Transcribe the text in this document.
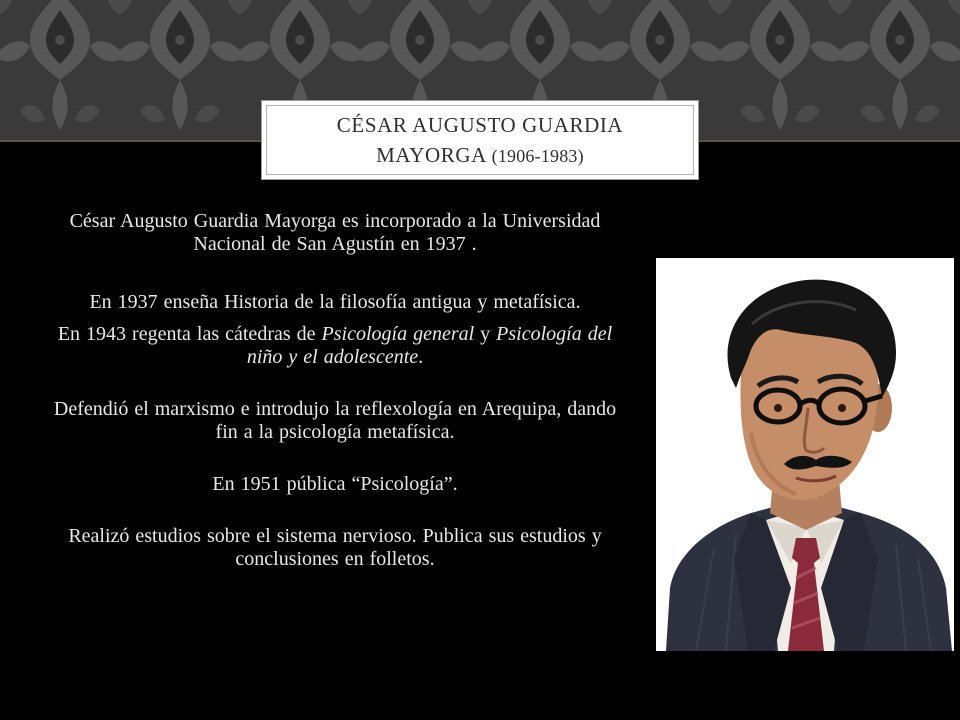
CÉSAR AUGUSTO GUARDIA
MAYORGA (1906-1983)

César Augusto Guardia Mayorga es incorporado a la Universidad Nacional de San Agustín en 1937 .

En 1937 enseña Historia de la filosofía antigua y metafísica.

En 1943 regenta las cátedras de Psicología general y Psicología del niño y el adolescente.

Defendió el marxismo e introdujo la reflexología en Arequipa, dando fin a la psicología metafísica.

En 1951 pública “Psicología”.

Realizó estudios sobre el sistema nervioso. Publica sus estudios y conclusiones en folletos.
